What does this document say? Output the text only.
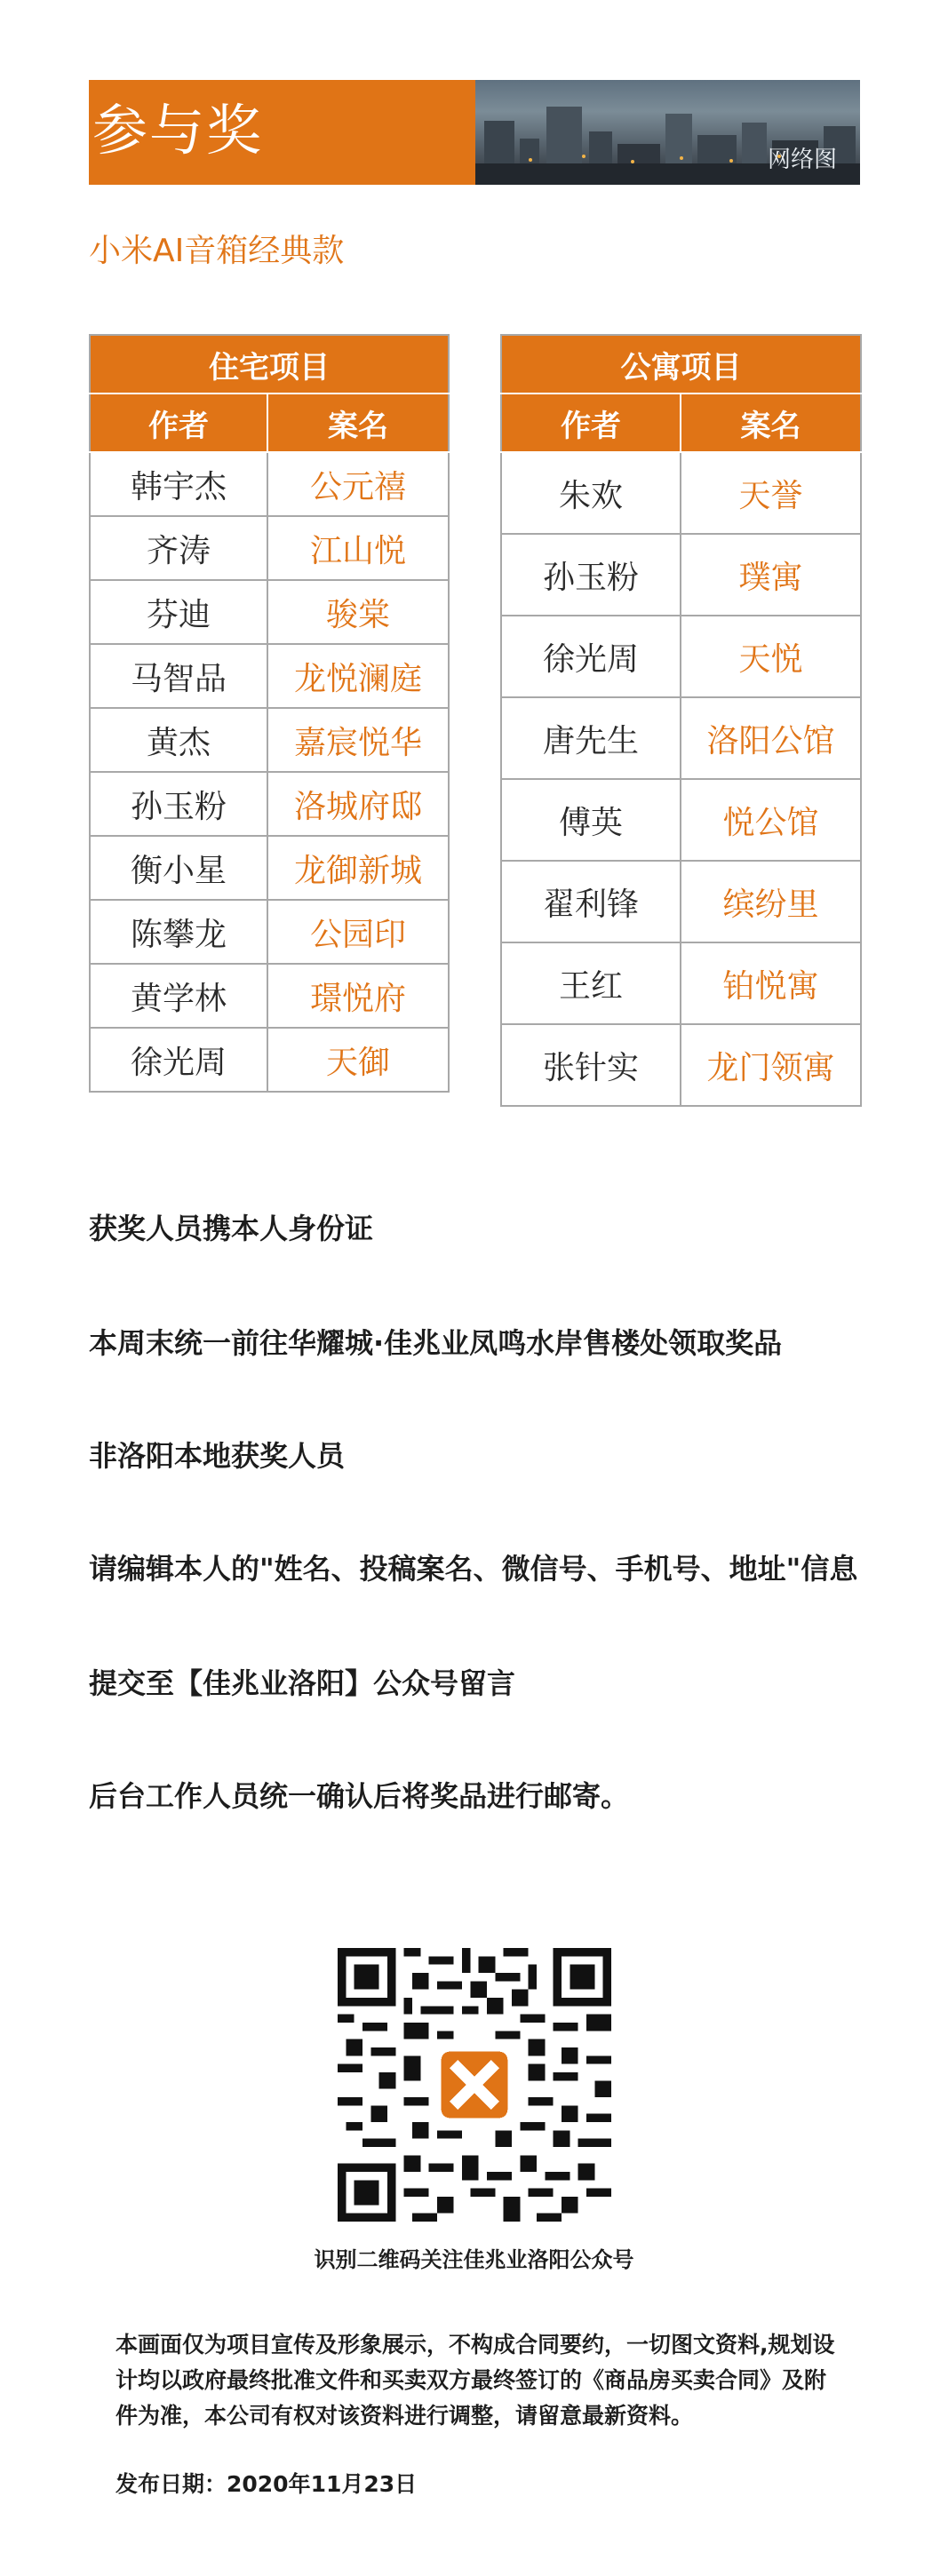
参与奖	网络图
小米AI音箱经典款
住宅项目	
作者	案名
韩宇杰	公元禧
齐涛	江山悦
芬迪	骏棠
马智品	龙悦澜庭
黄杰	嘉宸悦华
孙玉粉	洛城府邸
衡小星	龙御新城
陈攀龙	公园印
黄学林	璟悦府
徐光周	天御
公寓项目	
作者	案名
朱欢	天誉
孙玉粉	璞寓
徐光周	天悦
唐先生	洛阳公馆
傅英	悦公馆
翟利锋	缤纷里
王红	铂悦寓
张针实	龙门领寓
获奖人员携本人身份证
本周末统一前往华耀城·佳兆业凤鸣水岸售楼处领取奖品
非洛阳本地获奖人员
请编辑本人的"姓名、投稿案名、微信号、手机号、地址"信息
提交至【佳兆业洛阳】公众号留言
后台工作人员统一确认后将奖品进行邮寄。
识别二维码关注佳兆业洛阳公众号
本画面仅为项目宣传及形象展示，不构成合同要约，一切图文资料,规划设计均以政府最终批准文件和买卖双方最终签订的《商品房买卖合同》及附件为准，本公司有权对该资料进行调整，请留意最新资料。
发布日期：2020年11月23日
